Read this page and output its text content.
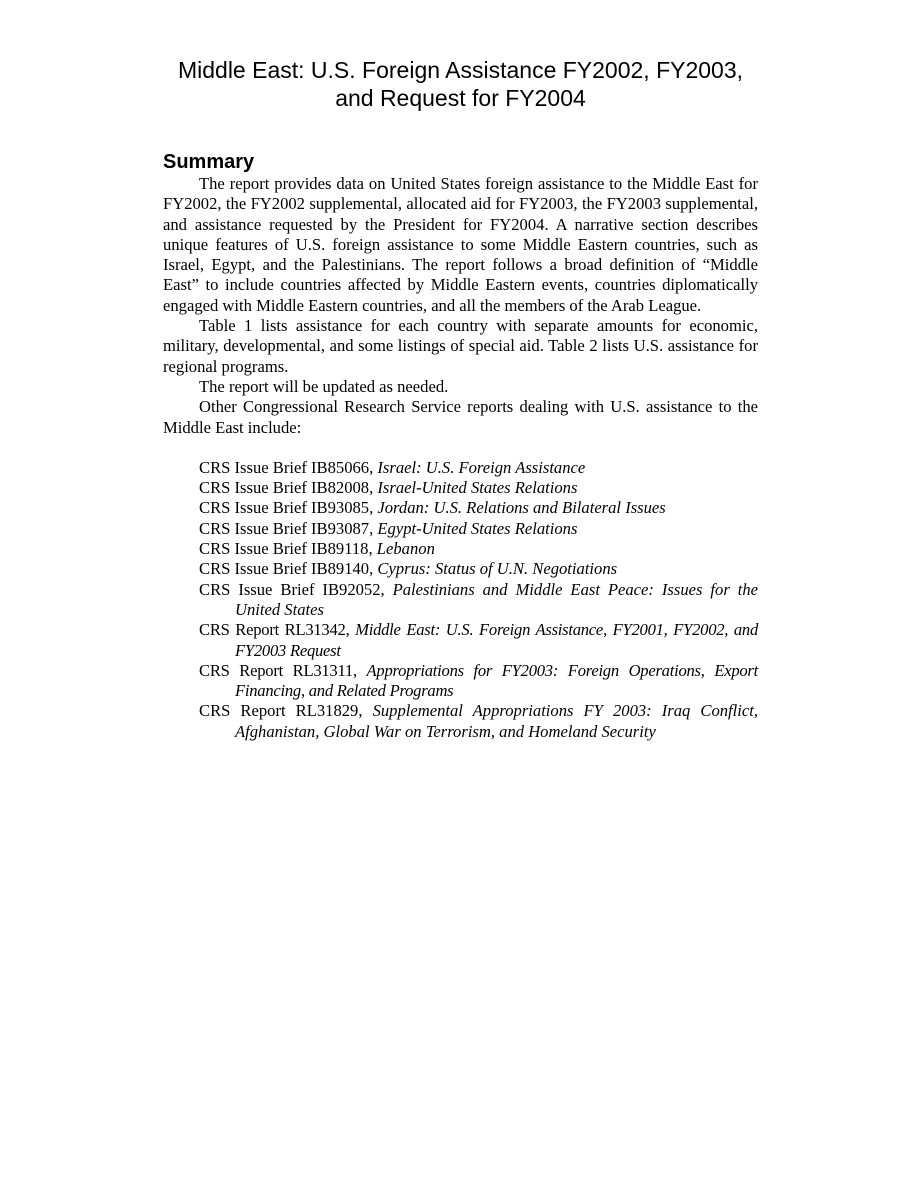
Middle East: U.S. Foreign Assistance FY2002, FY2003,
and Request for FY2004
Summary

The report provides data on United States foreign assistance to the Middle East for FY2002, the FY2002 supplemental, allocated aid for FY2003, the FY2003 supplemental, and assistance requested by the President for FY2004. A narrative section describes unique features of U.S. foreign assistance to some Middle Eastern countries, such as Israel, Egypt, and the Palestinians. The report follows a broad definition of “Middle East” to include countries affected by Middle Eastern events, countries diplomatically engaged with Middle Eastern countries, and all the members of the Arab League.

Table 1 lists assistance for each country with separate amounts for economic, military, developmental, and some listings of special aid. Table 2 lists U.S. assistance for regional programs.

The report will be updated as needed.

Other Congressional Research Service reports dealing with U.S. assistance to the Middle East include:

CRS Issue Brief IB85066, Israel: U.S. Foreign Assistance
CRS Issue Brief IB82008, Israel-United States Relations
CRS Issue Brief IB93085, Jordan: U.S. Relations and Bilateral Issues
CRS Issue Brief IB93087, Egypt-United States Relations
CRS Issue Brief IB89118, Lebanon
CRS Issue Brief IB89140, Cyprus: Status of U.N. Negotiations
CRS Issue Brief IB92052, Palestinians and Middle East Peace: Issues for the United States
CRS Report RL31342, Middle East: U.S. Foreign Assistance, FY2001, FY2002, and FY2003 Request
CRS Report RL31311, Appropriations for FY2003: Foreign Operations, Export Financing, and Related Programs
CRS Report RL31829, Supplemental Appropriations FY 2003: Iraq Conflict, Afghanistan, Global War on Terrorism, and Homeland Security
